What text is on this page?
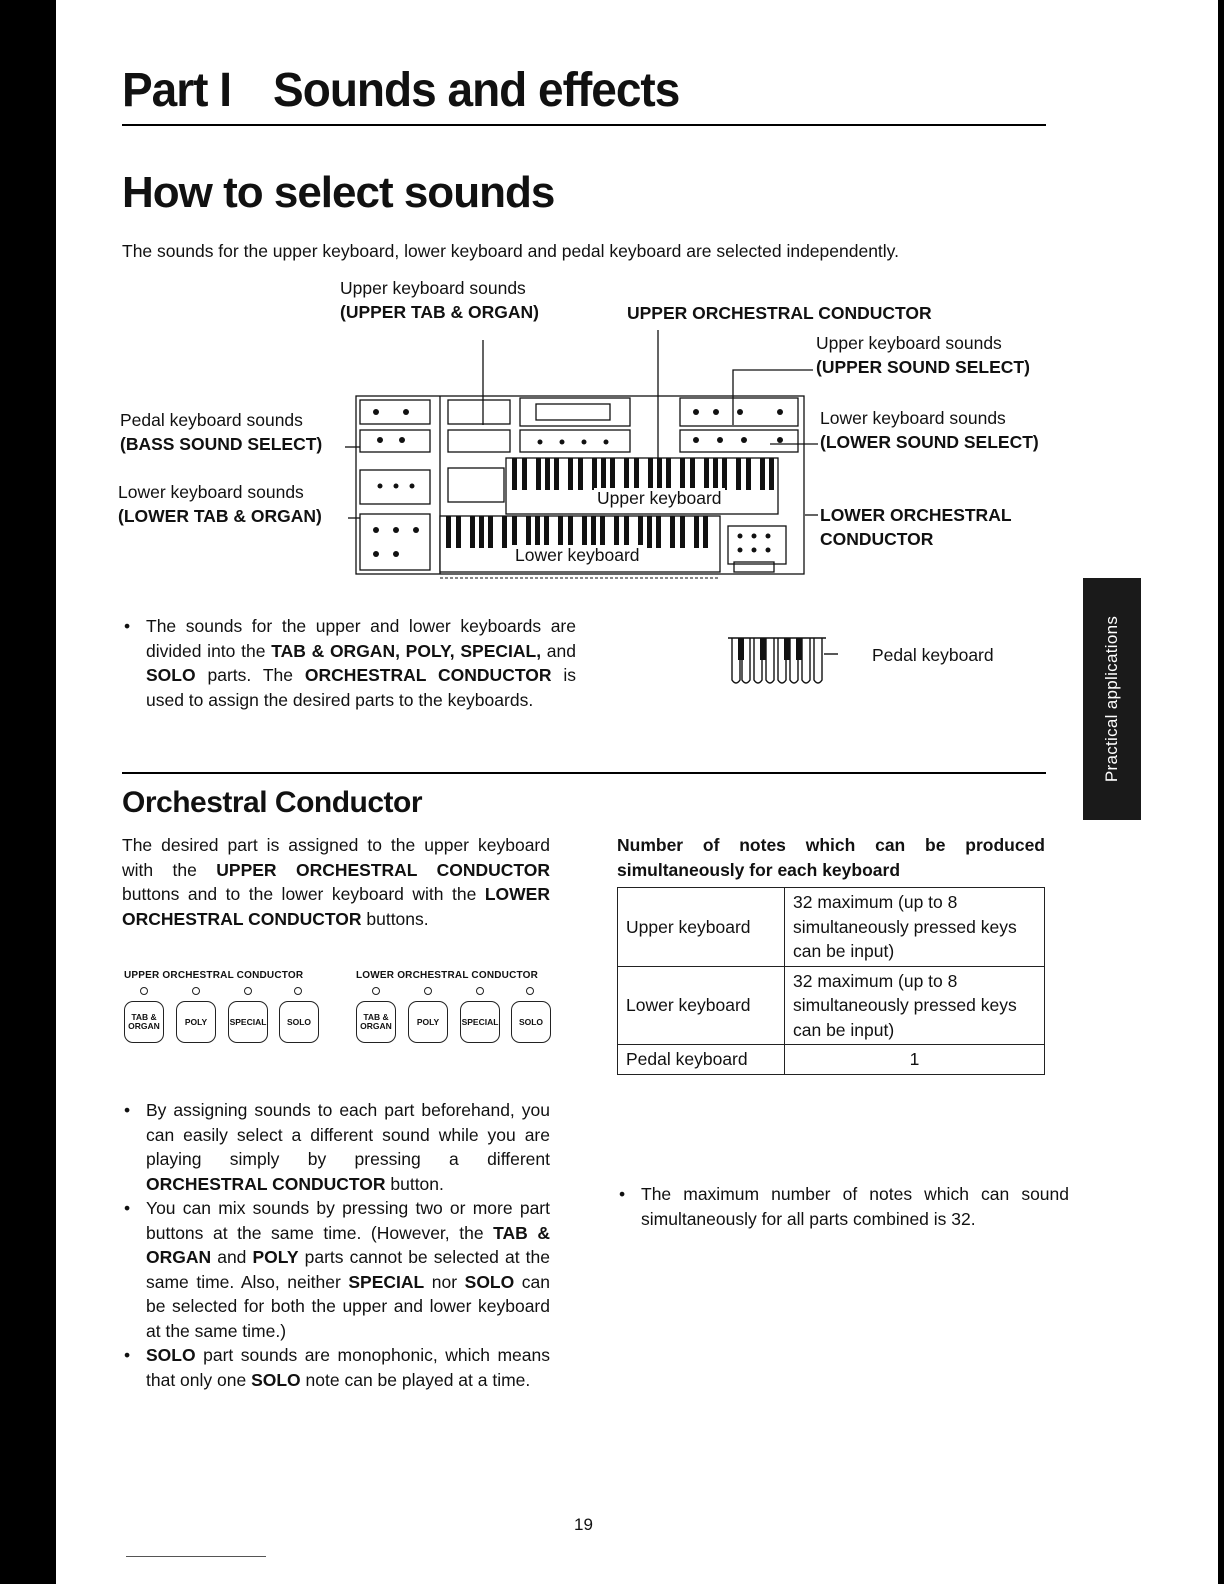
Practical applications
Part I Sounds and effects
How to select sounds
The sounds for the upper keyboard, lower keyboard and pedal keyboard are selected independently.
Upper keyboard sounds
(UPPER TAB & ORGAN)	UPPER ORCHESTRAL CONDUCTOR
Upper keyboard sounds
(UPPER SOUND SELECT)
Pedal keyboard sounds
(BASS SOUND SELECT)
Lower keyboard sounds
(LOWER SOUND SELECT)
Lower keyboard sounds
(LOWER TAB & ORGAN)	LOWER ORCHESTRAL
CONDUCTOR
Upper keyboard
Lower keyboard
Pedal keyboard
• The sounds for the upper and lower keyboards are divided into the TAB & ORGAN, POLY, SPECIAL, and SOLO parts. The ORCHESTRAL CONDUCTOR is used to assign the desired parts to the keyboards.
Orchestral Conductor
The desired part is assigned to the upper keyboard with the UPPER ORCHESTRAL CONDUCTOR buttons and to the lower keyboard with the LOWER ORCHESTRAL CONDUCTOR buttons.
UPPER ORCHESTRAL CONDUCTOR
TAB & ORGAN	POLY	SPECIAL	SOLO
LOWER ORCHESTRAL CONDUCTOR
TAB & ORGAN	POLY	SPECIAL	SOLO
• By assigning sounds to each part beforehand, you can easily select a different sound while you are playing simply by pressing a different ORCHESTRAL CONDUCTOR button.
• You can mix sounds by pressing two or more part buttons at the same time. (However, the TAB & ORGAN and POLY parts cannot be selected at the same time. Also, neither SPECIAL nor SOLO can be selected for both the upper and lower keyboard at the same time.)
• SOLO part sounds are monophonic, which means that only one SOLO note can be played at a time.
Number of notes which can be produced simultaneously for each keyboard
Upper keyboard	32 maximum (up to 8 simultaneously pressed keys can be input)
Lower keyboard	32 maximum (up to 8 simultaneously pressed keys can be input)
Pedal keyboard	1
• The maximum number of notes which can sound simultaneously for all parts combined is 32.
19
